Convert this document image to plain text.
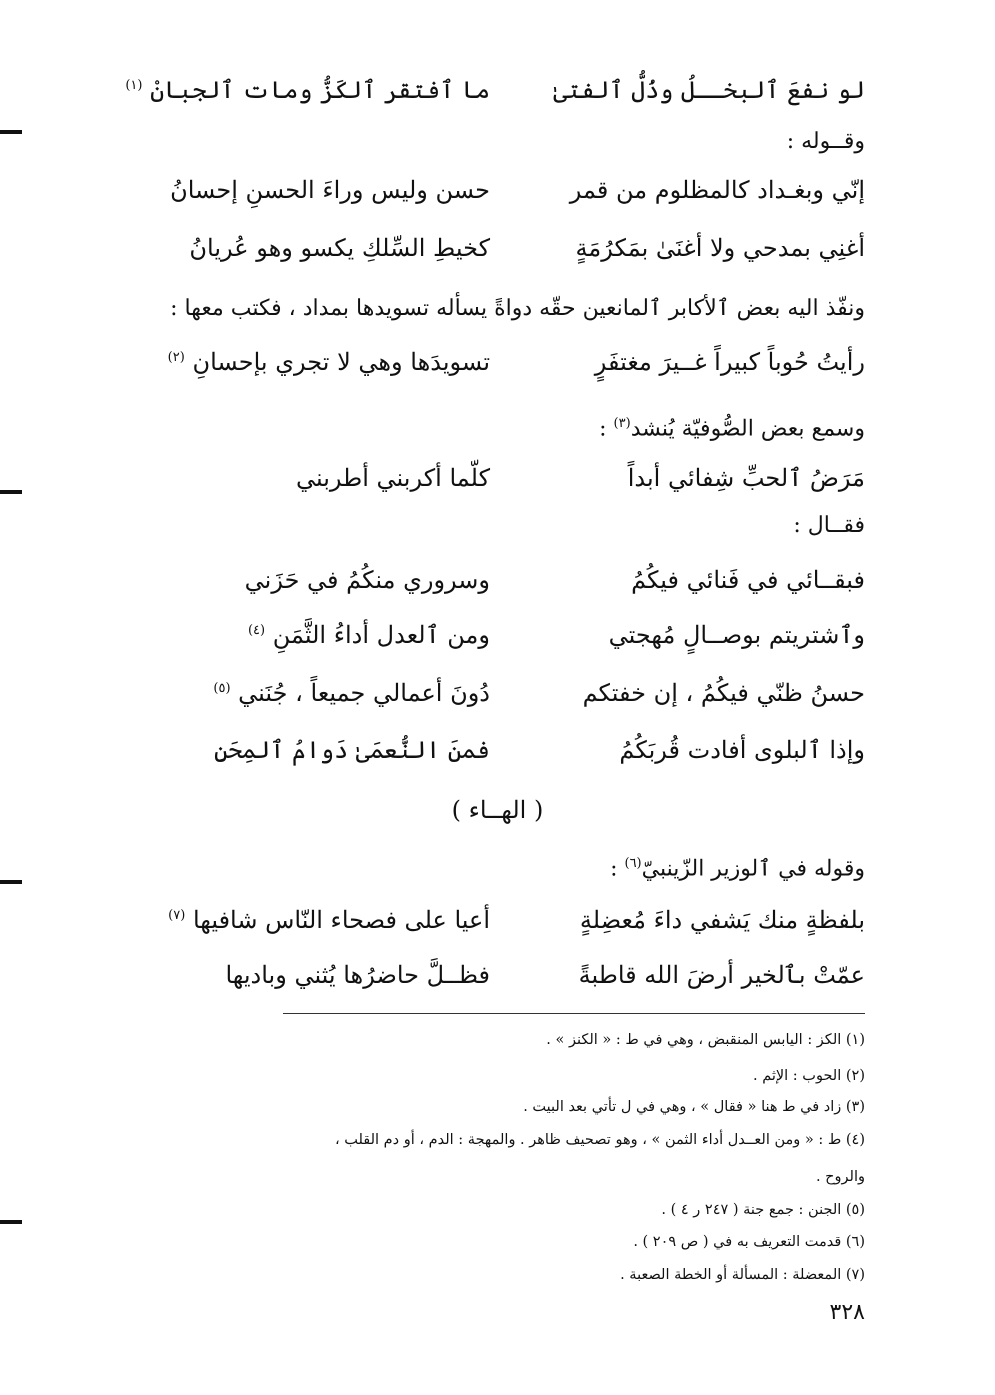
لو نفعَ ٱلبخــلُ وذُلُّ ٱلفتىٰ
ما ٱفتقر ٱلكَزُّ ومات ٱلجبانْ $^{(١)}$
وقــوله :
إنّي وبغـداد كالمظلوم من قمر
حسن وليس وراءَ الحسنِ إحسانُ
أغنِي بمدحي ولا أغنَىٰ بمَكرُمَةٍ
كخيطِ السِّلكِ يكسو وهو عُريانُ
ونفّذ اليه بعض ٱلأكابر ٱلمانعين حقّه دواةً يسأله تسويدها بمداد ، فكتب معها :
رأيتُ حُوباً كبيراً غــيرَ مغتفَرٍ
تسويدَها وهي لا تجري بإحسانِ $^{(٢)}$
وسمع بعض الصُّوفيّة يُنشد$^{(٣)}$ :
مَرَضُ ٱلحبِّ شِفائي أبداً
كلّما أكربني أطربني
فقــال :
فبقــائي في فَنائي فيكُمُ
وسروري منكُمُ في حَزَني
وٱشتريتم بوصــالٍ مُهجتي
ومن ٱلعدل أداءُ الثَّمَنِ $^{(٤)}$
حسنُ ظنّي فيكُمُ ، إن خفتكم
دُونَ أعمالي جميعاً ، جُنَني $^{(٥)}$
وإذا ٱلبلوى أفادت قُربَكُمُ
فمنَ النُّعمَىٰ دَوامُ ٱلمِحَنِ
( الهــاء )
وقوله في ٱلوزير الزّينبيّ$^{(٦)}$ :
بلفظةٍ منك يَشفي داءَ مُعضِلةٍ
أعيا على فصحاء النّاس شافيها $^{(٧)}$
عمّتْ بٱلخير أرضَ الله قاطبةً
فظــلَّ حاضرُها يُثني وباديها
(١) الكز : اليابس المنقبض ، وهي في ط : « الكنز » .
(٢) الحوب : الإثم .
(٣) زاد في ط هنا « فقال » ، وهي في ل تأتي بعد البيت .
(٤) ط : « ومن العــدل أداء الثمن » ، وهو تصحيف ظاهر . والمهجة : الدم ، أو دم القلب ،
والروح .
(٥) الجنن : جمع جنة ( ٢٤٧ ر ٤ ) .
(٦) قدمت التعريف به في ( ص ٢٠٩ ) .
(٧) المعضلة : المسألة أو الخطة الصعبة .
٣٢٨
